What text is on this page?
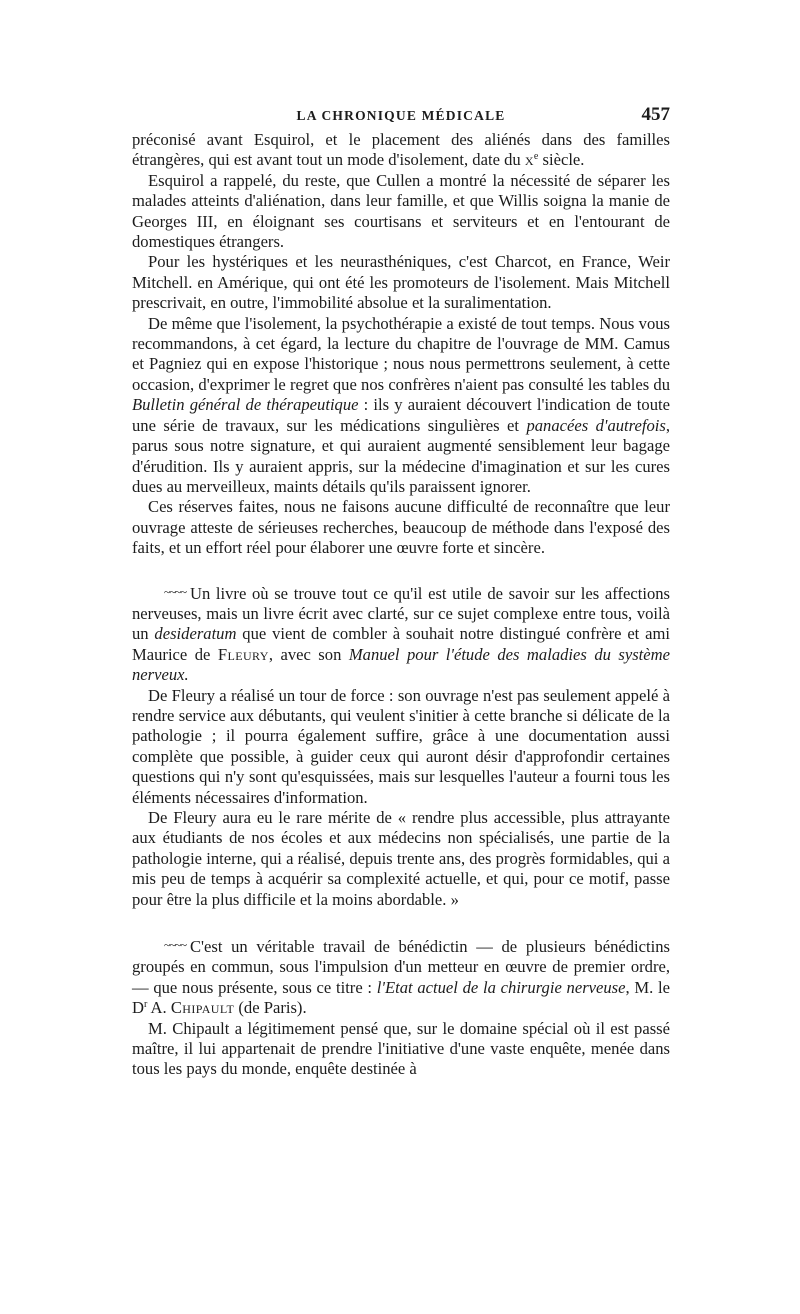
LA CHRONIQUE MÉDICALE	457

préconisé avant Esquirol, et le placement des aliénés dans des familles étrangères, qui est avant tout un mode d'isolement, date du $x^e$ siècle.

Esquirol a rappelé, du reste, que Cullen a montré la nécessité de séparer les malades atteints d'aliénation, dans leur famille, et que Willis soigna la manie de Georges III, en éloignant ses courtisans et serviteurs et en l'entourant de domestiques étrangers.

Pour les hystériques et les neurasthéniques, c'est Charcot, en France, Weir Mitchell. en Amérique, qui ont été les promoteurs de l'isolement. Mais Mitchell prescrivait, en outre, l'immobilité absolue et la suralimentation.

De même que l'isolement, la psychothérapie a existé de tout temps. Nous vous recommandons, à cet égard, la lecture du chapitre de l'ouvrage de MM. Camus et Pagniez qui en expose l'historique ; nous nous permettrons seulement, à cette occasion, d'exprimer le regret que nos confrères n'aient pas consulté les tables du Bulletin général de thérapeutique : ils y auraient découvert l'indication de toute une série de travaux, sur les médications singulières et panacées d'autrefois, parus sous notre signature, et qui auraient augmenté sensiblement leur bagage d'érudition. Ils y auraient appris, sur la médecine d'imagination et sur les cures dues au merveilleux, maints détails qu'ils paraissent ignorer.

Ces réserves faites, nous ne faisons aucune difficulté de reconnaître que leur ouvrage atteste de sérieuses recherches, beaucoup de méthode dans l'exposé des faits, et un effort réel pour élaborer une œuvre forte et sincère.

~~~~ Un livre où se trouve tout ce qu'il est utile de savoir sur les affections nerveuses, mais un livre écrit avec clarté, sur ce sujet complexe entre tous, voilà un desideratum que vient de combler à souhait notre distingué confrère et ami Maurice de Fleury, avec son Manuel pour l'étude des maladies du système nerveux.

De Fleury a réalisé un tour de force : son ouvrage n'est pas seulement appelé à rendre service aux débutants, qui veulent s'initier à cette branche si délicate de la pathologie ; il pourra également suffire, grâce à une documentation aussi complète que possible, à guider ceux qui auront désir d'approfondir certaines questions qui n'y sont qu'esquissées, mais sur lesquelles l'auteur a fourni tous les éléments nécessaires d'information.

De Fleury aura eu le rare mérite de « rendre plus accessible, plus attrayante aux étudiants de nos écoles et aux médecins non spécialisés, une partie de la pathologie interne, qui a réalisé, depuis trente ans, des progrès formidables, qui a mis peu de temps à acquérir sa complexité actuelle, et qui, pour ce motif, passe pour être la plus difficile et la moins abordable. »

~~~~ C'est un véritable travail de bénédictin — de plusieurs bénédictins groupés en commun, sous l'impulsion d'un metteur en œuvre de premier ordre, — que nous présente, sous ce titre : l'Etat actuel de la chirurgie nerveuse, M. le $D^r$ A. Chipault (de Paris).

M. Chipault a légitimement pensé que, sur le domaine spécial où il est passé maître, il lui appartenait de prendre l'initiative d'une vaste enquête, menée dans tous les pays du monde, enquête destinée à
